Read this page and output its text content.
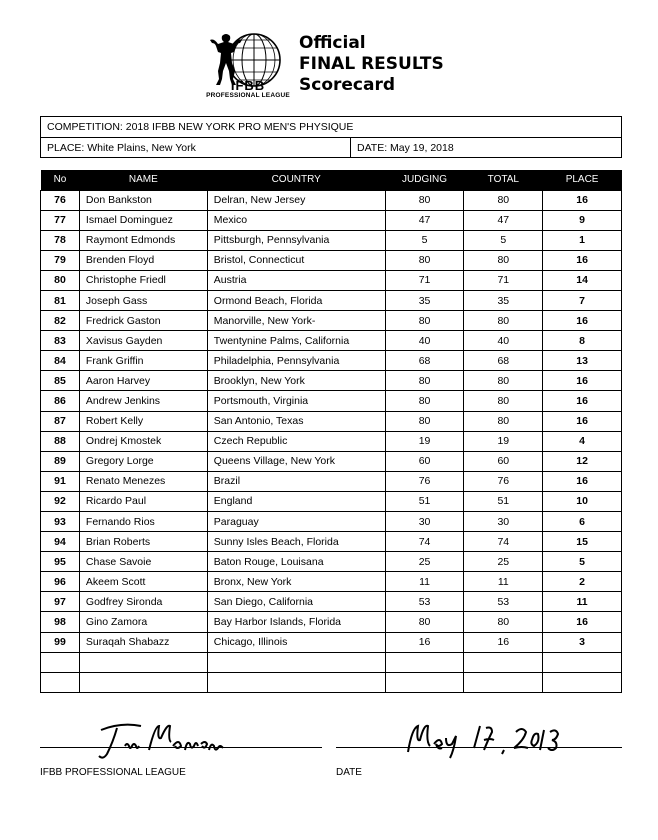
IFBB
PROFESSIONAL LEAGUE
Official
FINAL RESULTS
Scorecard
COMPETITION: 2018 IFBB NEW YORK PRO MEN'S PHYSIQUE
PLACE: White Plains, New York	DATE: May 19, 2018
No	NAME	COUNTRY	JUDGING	TOTAL	PLACE
76	Don Bankston	Delran, New Jersey	80	80	16
77	Ismael Dominguez	Mexico	47	47	9
78	Raymont Edmonds	Pittsburgh, Pennsylvania	5	5	1
79	Brenden Floyd	Bristol, Connecticut	80	80	16
80	Christophe Friedl	Austria	71	71	14
81	Joseph Gass	Ormond Beach, Florida	35	35	7
82	Fredrick Gaston	Manorville, New York-	80	80	16
83	Xavisus Gayden	Twentynine Palms, California	40	40	8
84	Frank Griffin	Philadelphia, Pennsylvania	68	68	13
85	Aaron Harvey	Brooklyn, New York	80	80	16
86	Andrew Jenkins	Portsmouth, Virginia	80	80	16
87	Robert Kelly	San Antonio, Texas	80	80	16
88	Ondrej Kmostek	Czech Republic	19	19	4
89	Gregory Lorge	Queens Village, New York	60	60	12
91	Renato Menezes	Brazil	76	76	16
92	Ricardo Paul	England	51	51	10
93	Fernando Rios	Paraguay	30	30	6
94	Brian Roberts	Sunny Isles Beach, Florida	74	74	15
95	Chase Savoie	Baton Rouge, Louisana	25	25	5
96	Akeem Scott	Bronx, New York	11	11	2
97	Godfrey Sironda	San Diego, California	53	53	11
98	Gino Zamora	Bay Harbor Islands, Florida	80	80	16
99	Suraqah Shabazz	Chicago, Illinois	16	16	3

IFBB PROFESSIONAL LEAGUE	DATE
